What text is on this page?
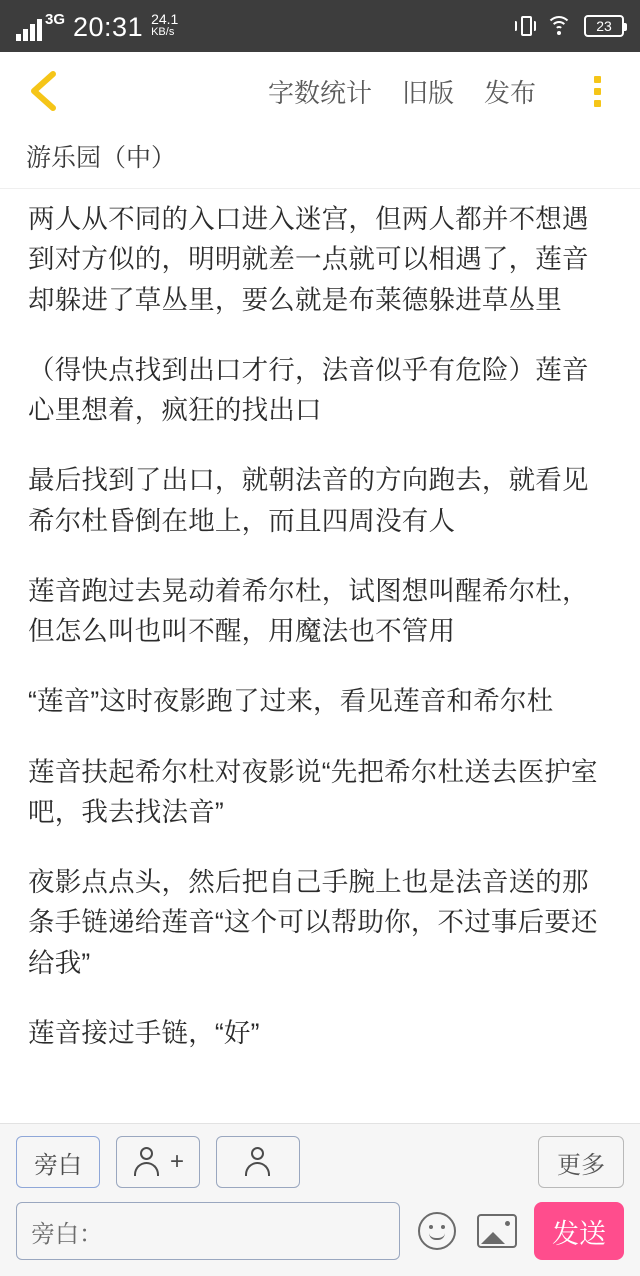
3G 20:31 24.1
KB/s	23
字数统计 旧版 发布
游乐园（中）

两人从不同的入口进入迷宫，但两人都并不想遇到对方似的，明明就差一点就可以相遇了，莲音却躲进了草丛里，要么就是布莱德躲进草丛里

（得快点找到出口才行，法音似乎有危险）莲音心里想着，疯狂的找出口

最后找到了出口，就朝法音的方向跑去，就看见希尔杜昏倒在地上，而且四周没有人

莲音跑过去晃动着希尔杜，试图想叫醒希尔杜，但怎么叫也叫不醒，用魔法也不管用

“莲音”这时夜影跑了过来，看见莲音和希尔杜

莲音扶起希尔杜对夜影说“先把希尔杜送去医护室吧，我去找法音”

夜影点点头，然后把自己手腕上也是法音送的那条手链递给莲音“这个可以帮助你，不过事后要还给我”

莲音接过手链，“好”

旁白	+	更多
旁白：	发送
